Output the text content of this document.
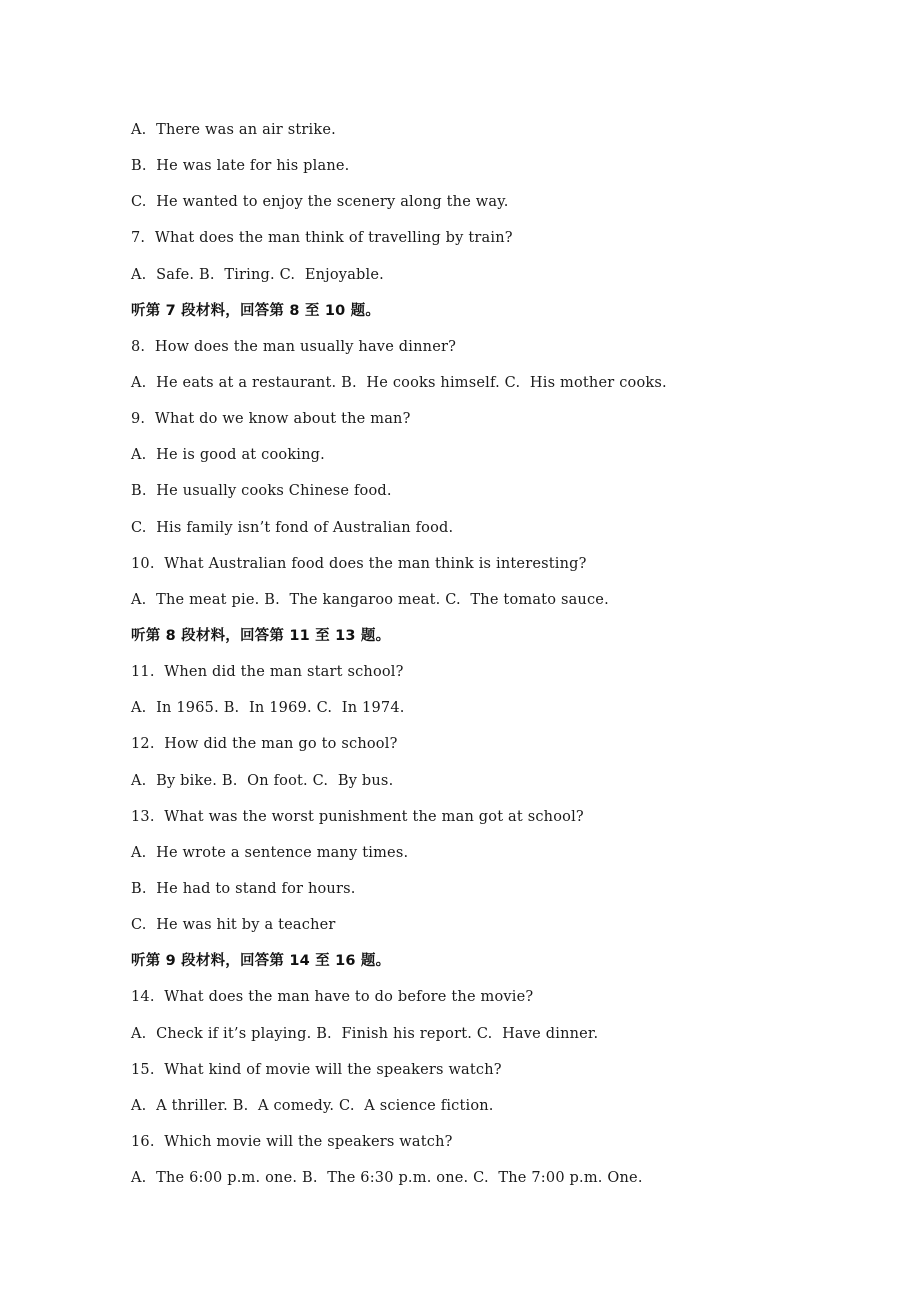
A.  There was an air strike.
B.  He was late for his plane.
C.  He wanted to enjoy the scenery along the way.
7.  What does the man think of travelling by train?
A.  Safe. B.  Tiring. C.  Enjoyable.
听第 7 段材料，回答第 8 至 10 题。
8.  How does the man usually have dinner?
A.  He eats at a restaurant. B.  He cooks himself. C.  His mother cooks.
9.  What do we know about the man?
A.  He is good at cooking.
B.  He usually cooks Chinese food.
C.  His family isn’t fond of Australian food.
10.  What Australian food does the man think is interesting?
A.  The meat pie. B.  The kangaroo meat. C.  The tomato sauce.
听第 8 段材料，回答第 11 至 13 题。
11.  When did the man start school?
A.  In 1965. B.  In 1969. C.  In 1974.
12.  How did the man go to school?
A.  By bike. B.  On foot. C.  By bus.
13.  What was the worst punishment the man got at school?
A.  He wrote a sentence many times.
B.  He had to stand for hours.
C.  He was hit by a teacher
听第 9 段材料，回答第 14 至 16 题。
14.  What does the man have to do before the movie?
A.  Check if it’s playing. B.  Finish his report. C.  Have dinner.
15.  What kind of movie will the speakers watch?
A.  A thriller. B.  A comedy. C.  A science fiction.
16.  Which movie will the speakers watch?
A.  The 6:00 p.m. one. B.  The 6:30 p.m. one. C.  The 7:00 p.m. One.
